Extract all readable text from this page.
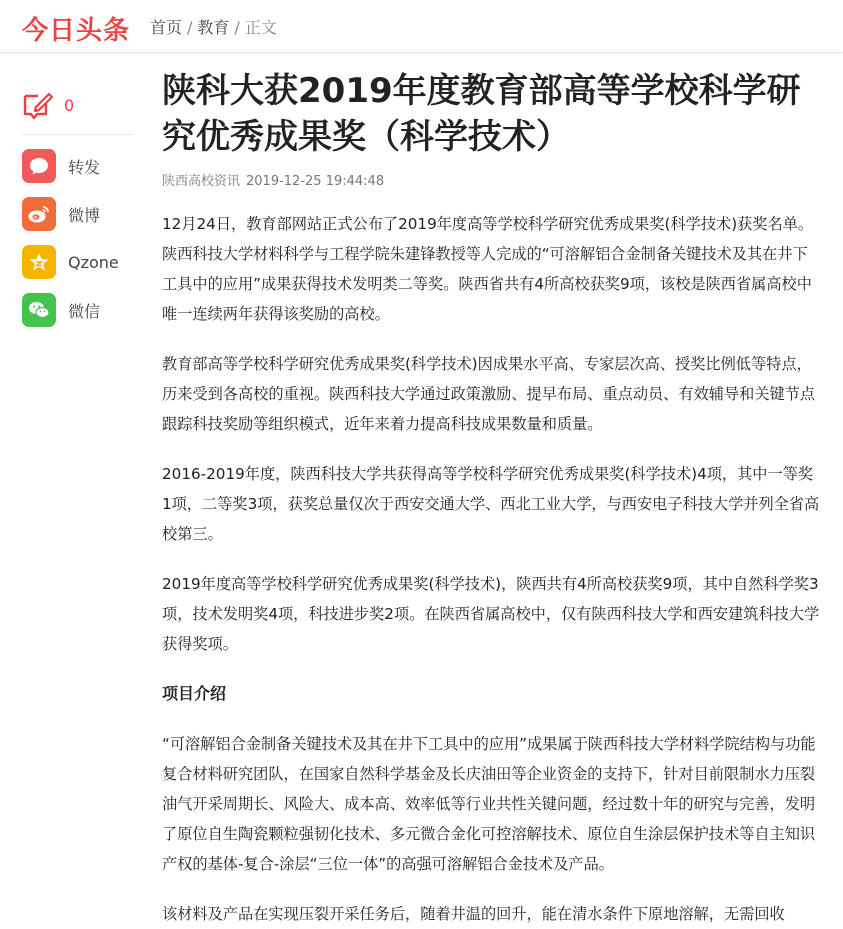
今日头条 首页 / 教育 / 正文
0
转发
微博
Qzone
微信
陕科大获2019年度教育部高等学校科学研究优秀成果奖（科学技术）
陕西高校资讯 2019-12-25 19:44:48

12月24日，教育部网站正式公布了2019年度高等学校科学研究优秀成果奖(科学技术)获奖名单。陕西科技大学材料科学与工程学院朱建锋教授等人完成的“可溶解铝合金制备关键技术及其在井下工具中的应用”成果获得技术发明类二等奖。陕西省共有4所高校获奖9项，该校是陕西省属高校中唯一连续两年获得该奖励的高校。

教育部高等学校科学研究优秀成果奖(科学技术)因成果水平高、专家层次高、授奖比例低等特点，历来受到各高校的重视。陕西科技大学通过政策激励、提早布局、重点动员、有效辅导和关键节点跟踪科技奖励等组织模式，近年来着力提高科技成果数量和质量。

2016-2019年度，陕西科技大学共获得高等学校科学研究优秀成果奖(科学技术)4项，其中一等奖1项，二等奖3项，获奖总量仅次于西安交通大学、西北工业大学，与西安电子科技大学并列全省高校第三。

2019年度高等学校科学研究优秀成果奖(科学技术)，陕西共有4所高校获奖9项，其中自然科学奖3项，技术发明奖4项，科技进步奖2项。在陕西省属高校中，仅有陕西科技大学和西安建筑科技大学获得奖项。

项目介绍

“可溶解铝合金制备关键技术及其在井下工具中的应用”成果属于陕西科技大学材料学院结构与功能复合材料研究团队，在国家自然科学基金及长庆油田等企业资金的支持下，针对目前限制水力压裂油气开采周期长、风险大、成本高、效率低等行业共性关键问题，经过数十年的研究与完善，发明了原位自生陶瓷颗粒强韧化技术、多元微合金化可控溶解技术、原位自生涂层保护技术等自主知识产权的基体-复合-涂层“三位一体”的高强可溶解铝合金技术及产品。

该材料及产品在实现压裂开采任务后，随着井温的回升，能在清水条件下原地溶解，无需回收
